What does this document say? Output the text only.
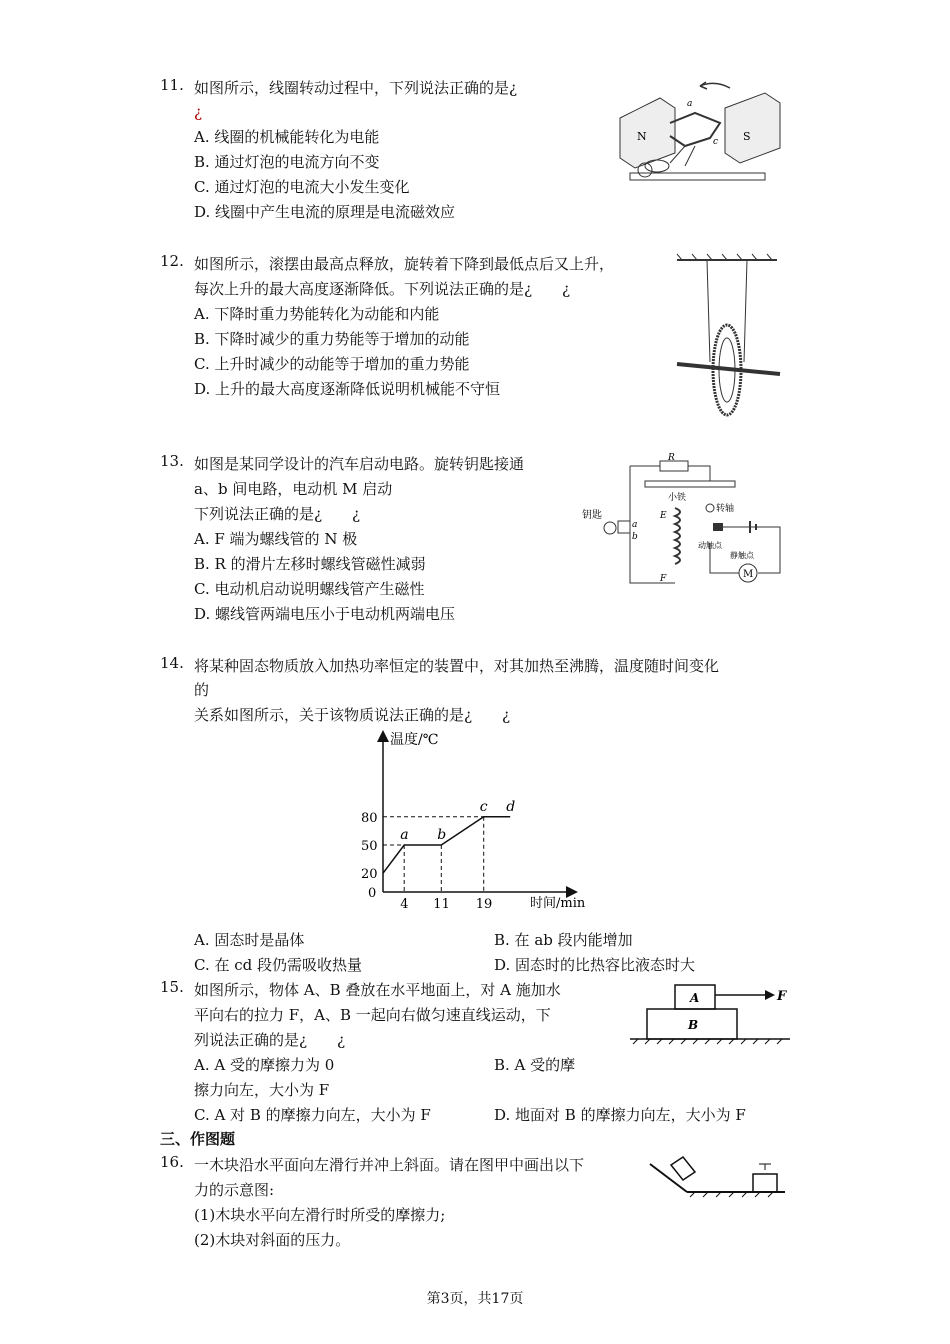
11. 如图所示，线圈转动过程中，下列说法正确的是¿
¿
A. 线圈的机械能转化为电能
B. 通过灯泡的电流方向不变
C. 通过灯泡的电流大小发生变化
D. 线圈中产生电流的原理是电流磁效应
N	S
a
c
12. 如图所示，滚摆由最高点释放，旋转着下降到最低点后又上升，
每次上升的最大高度逐渐降低。下列说法正确的是¿　　¿
A. 下降时重力势能转化为动能和内能
B. 下降时减少的重力势能等于增加的动能
C. 上升时减少的动能等于增加的重力势能
D. 上升的最大高度逐渐降低说明机械能不守恒
13. 如图是某同学设计的汽车启动电路。旋转钥匙接通
a、b 间电路，电动机 M 启动
下列说法正确的是¿　　¿
A. F 端为螺线管的 N 极
B. R 的滑片左移时螺线管磁性减弱
C. 电动机启动说明螺线管产生磁性
D. 螺线管两端电压小于电动机两端电压
R
钥匙
a
b
小铁
E
F
转轴
动触点
静触点
M
14. 将某种固态物质放入加热功率恒定的装置中，对其加热至沸腾，温度随时间变化
的
关系如图所示，关于该物质说法正确的是¿　　¿
温度/℃
时间/min
0
a b
c d
4 11 19
20
50
80
A. 固态时是晶体	B. 在 ab 段内能增加
C. 在 cd 段仍需吸收热量	D. 固态时的比热容比液态时大
15. 如图所示，物体 A、B 叠放在水平地面上，对 A 施加水
平向右的拉力 F，A、B 一起向右做匀速直线运动，下
列说法正确的是¿　　¿
A. A 受的摩擦力为 0	B. A 受的摩
擦力向左，大小为 F
C. A 对 B 的摩擦力向左，大小为 F	D. 地面对 B 的摩擦力向左，大小为 F
A
B
F
三、作图题
16. 一木块沿水平面向左滑行并冲上斜面。请在图甲中画出以下
力的示意图:
(1)木块水平向左滑行时所受的摩擦力;
(2)木块对斜面的压力。
第3页，共17页
